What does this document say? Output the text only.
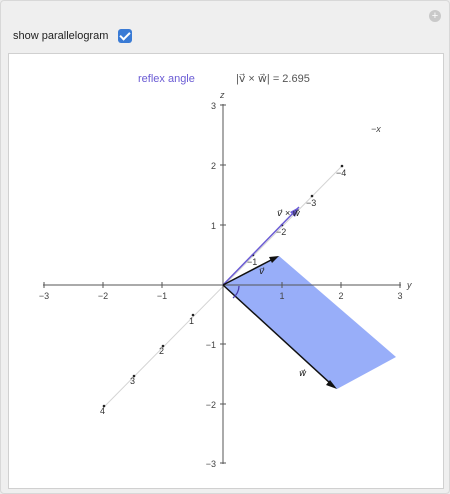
+
show parallelogram
−3	−2	−1	1	2	3
3
2
1
−1
−2
−3
z
y
−x
−4
−3
−2
−1
1
2
3
4
v⃗
w⃗
v⃗ × w⃗
reflex angle	|v⃗ × w⃗| = 2.695
